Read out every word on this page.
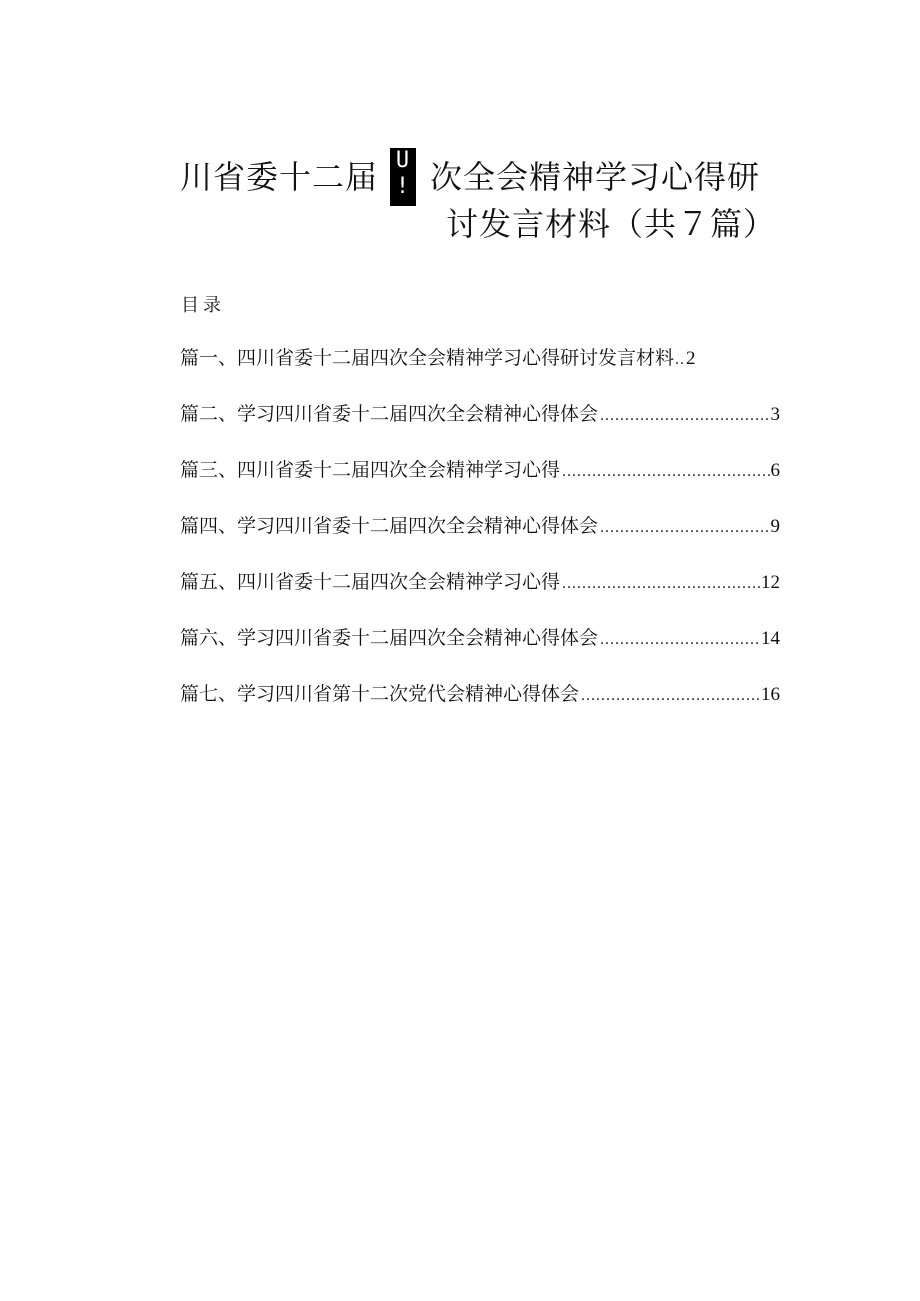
川省委十二届 U
! 次全会精神学习心得研
讨发言材料（共７篇）
目录
篇一、四川省委十二届四次全会精神学习心得研讨发言材料 .. 2
篇二、学习四川省委十二届四次全会精神心得体会 .....	3
篇三、四川省委十二届四次全会精神学习心得 .....	6
篇四、学习四川省委十二届四次全会精神心得体会 .....	9
篇五、四川省委十二届四次全会精神学习心得 .....	12
篇六、学习四川省委十二届四次全会精神心得体会 .....	14
篇七、学习四川省第十二次党代会精神心得体会 .....	16
